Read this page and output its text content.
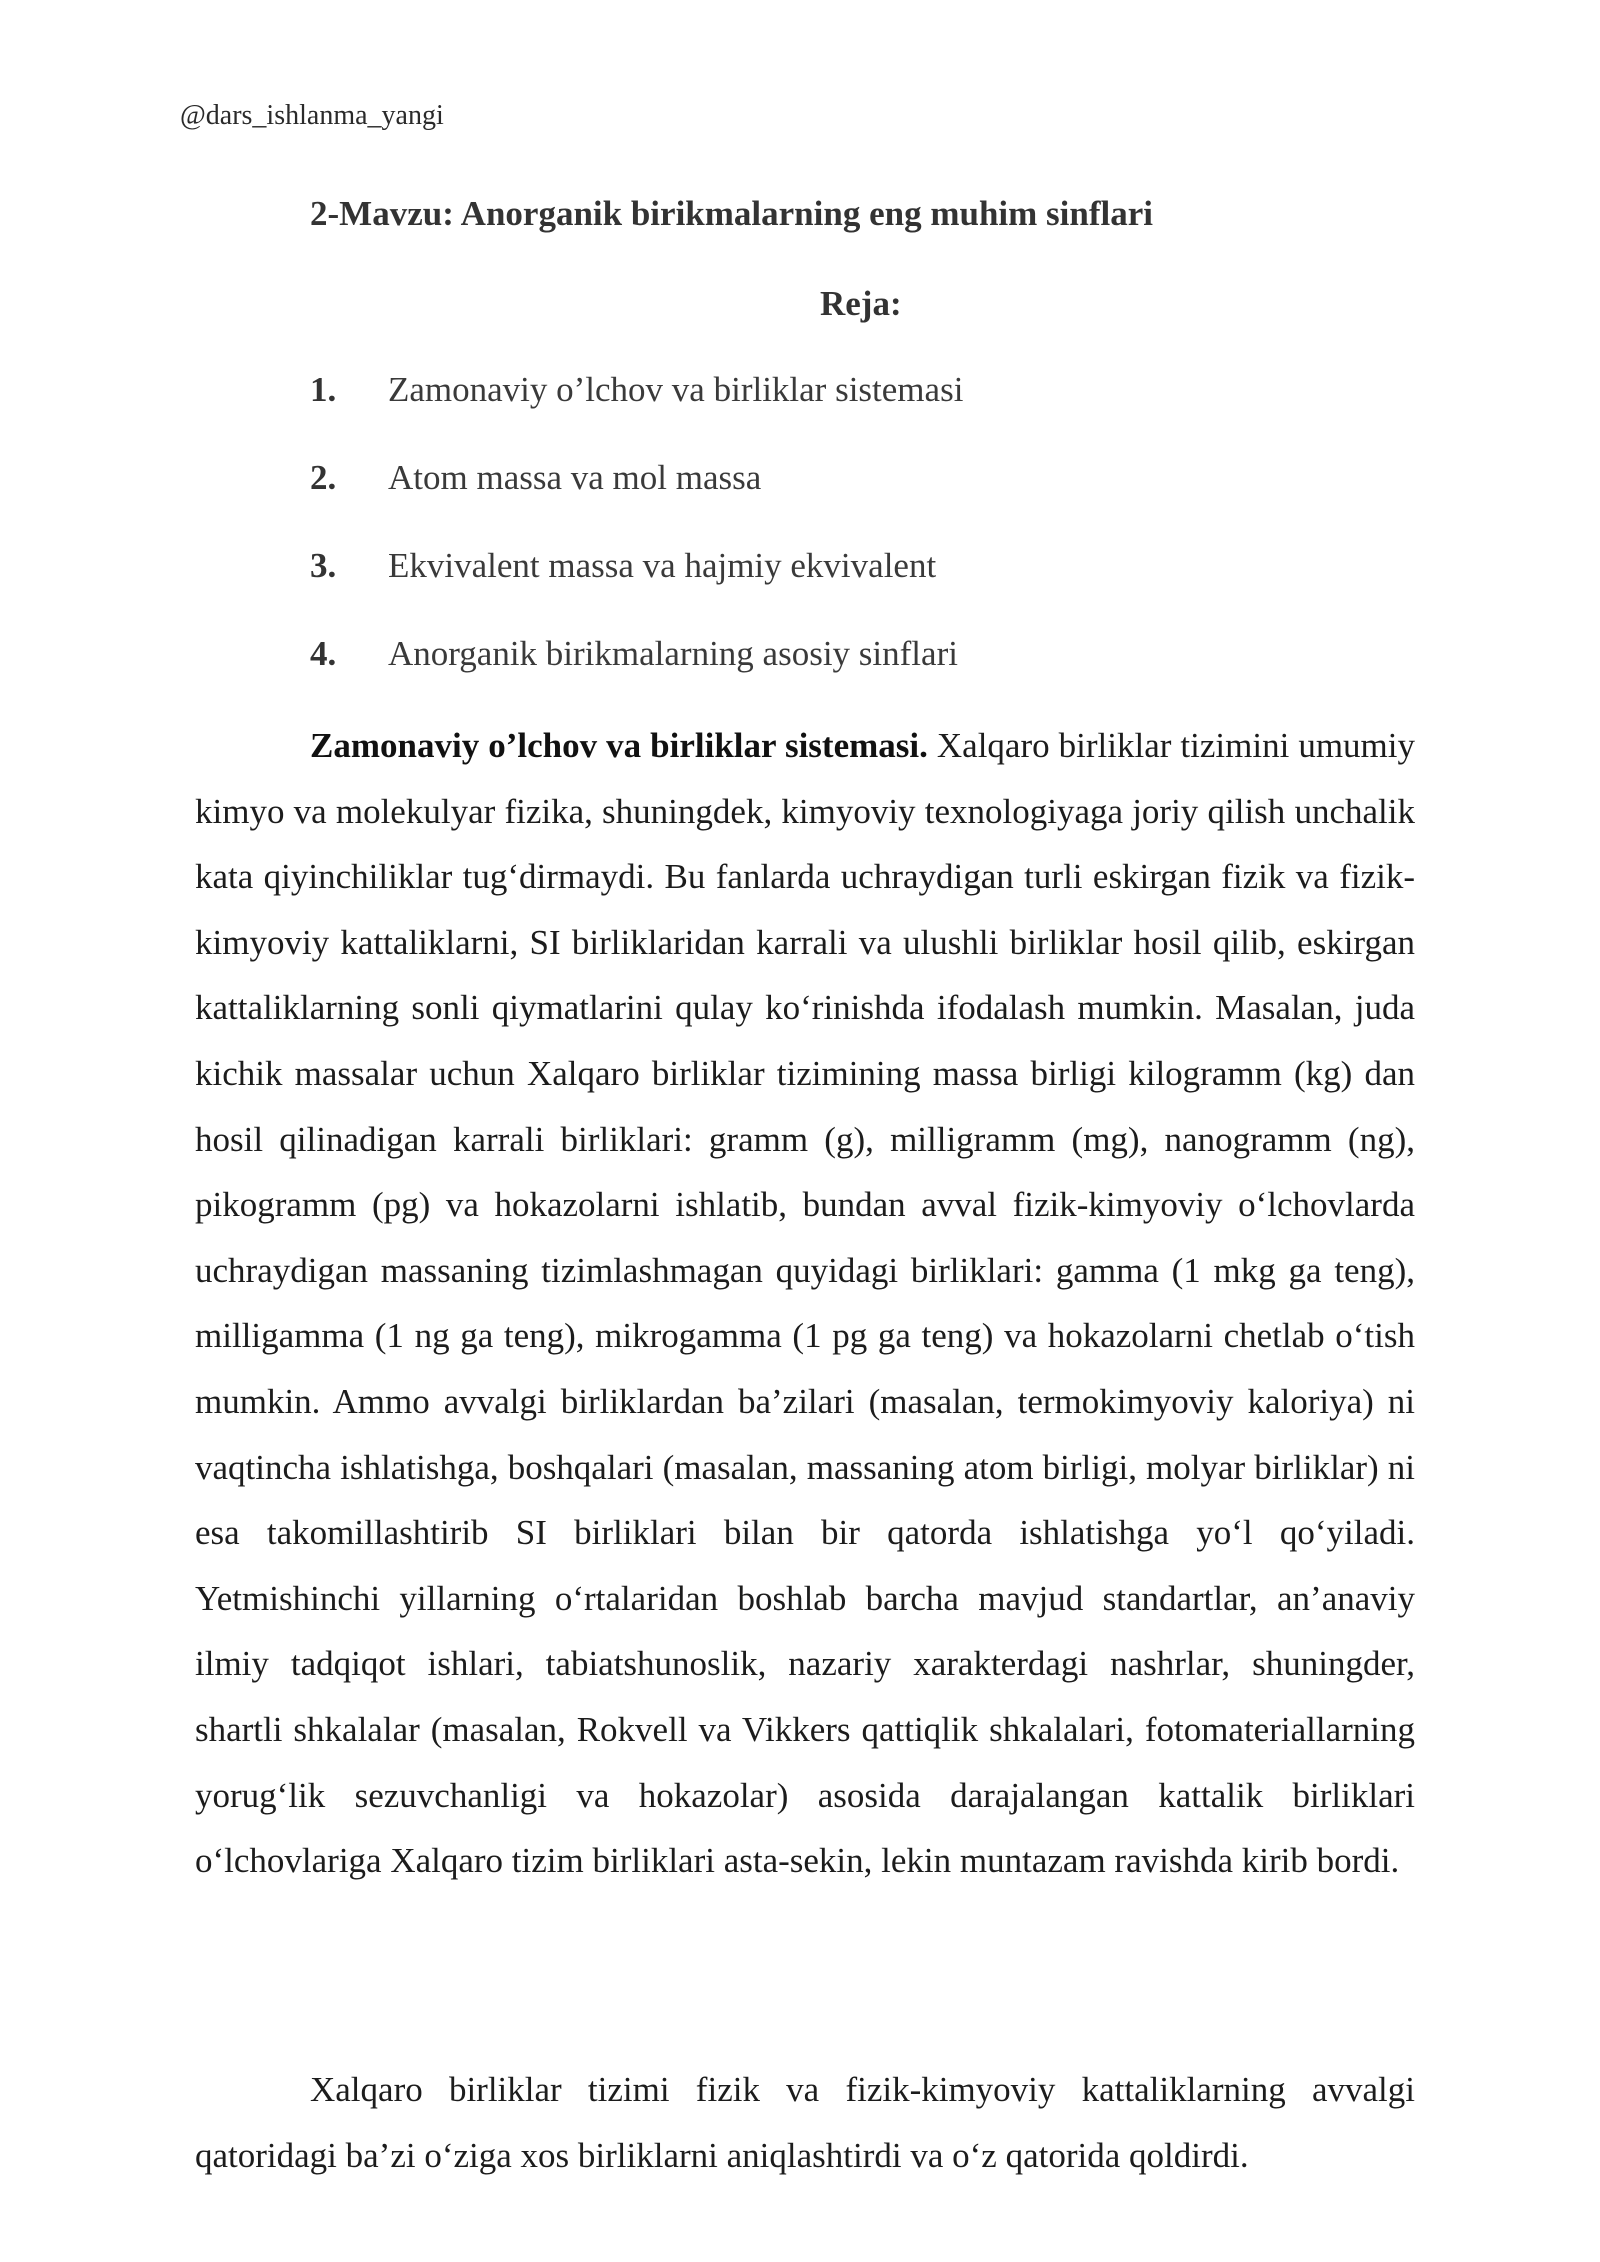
@dars_ishlanma_yangi
2-Mavzu: Anorganik birikmalarning eng muhim sinflari
Reja:
1. Zamonaviy o’lchov va birliklar sistemasi
2. Atom massa va mol massa
3. Ekvivalent massa va hajmiy ekvivalent
4. Anorganik birikmalarning asosiy sinflari

Zamonaviy o’lchov va birliklar sistemasi. Xalqaro birliklar tizimini umumiy kimyo va molekulyar fizika, shuningdek, kimyoviy texnologiyaga joriy qilish unchalik kata qiyinchiliklar tug‘dirmaydi. Bu fanlarda uchraydigan turli eskirgan fizik va fizik-kimyoviy kattaliklarni, SI birliklaridan karrali va ulushli birliklar hosil qilib, eskirgan kattaliklarning sonli qiymatlarini qulay ko‘rinishda ifodalash mumkin. Masalan, juda kichik massalar uchun Xalqaro birliklar tizimining massa birligi kilogramm (kg) dan hosil qilinadigan karrali birliklari: gramm (g), milligramm (mg), nanogramm (ng), pikogramm (pg) va hokazolarni ishlatib, bundan avval fizik-kimyoviy o‘lchovlarda uchraydigan massaning tizimlashmagan quyidagi birliklari: gamma (1 mkg ga teng), milligamma (1 ng ga teng), mikrogamma (1 pg ga teng) va hokazolarni chetlab o‘tish mumkin. Ammo avvalgi birliklardan ba’zilari (masalan, termokimyoviy kaloriya) ni vaqtincha ishlatishga, boshqalari (masalan, massaning atom birligi, molyar birliklar) ni esa takomillashtirib SI birliklari bilan bir qatorda ishlatishga yo‘l qo‘yiladi. Yetmishinchi yillarning o‘rtalaridan boshlab barcha mavjud standartlar, an’anaviy ilmiy tadqiqot ishlari, tabiatshunoslik, nazariy xarakterdagi nashrlar, shuningder, shartli shkalalar (masalan, Rokvell va Vikkers qattiqlik shkalalari, fotomateriallarning yorug‘lik sezuvchanligi va hokazolar) asosida darajalangan kattalik birliklari o‘lchovlariga Xalqaro tizim birliklari asta-sekin, lekin muntazam ravishda kirib bordi.

Xalqaro birliklar tizimi fizik va fizik-kimyoviy kattaliklarning avvalgi qatoridagi ba’zi o‘ziga xos birliklarni aniqlashtirdi va o‘z qatorida qoldirdi.
